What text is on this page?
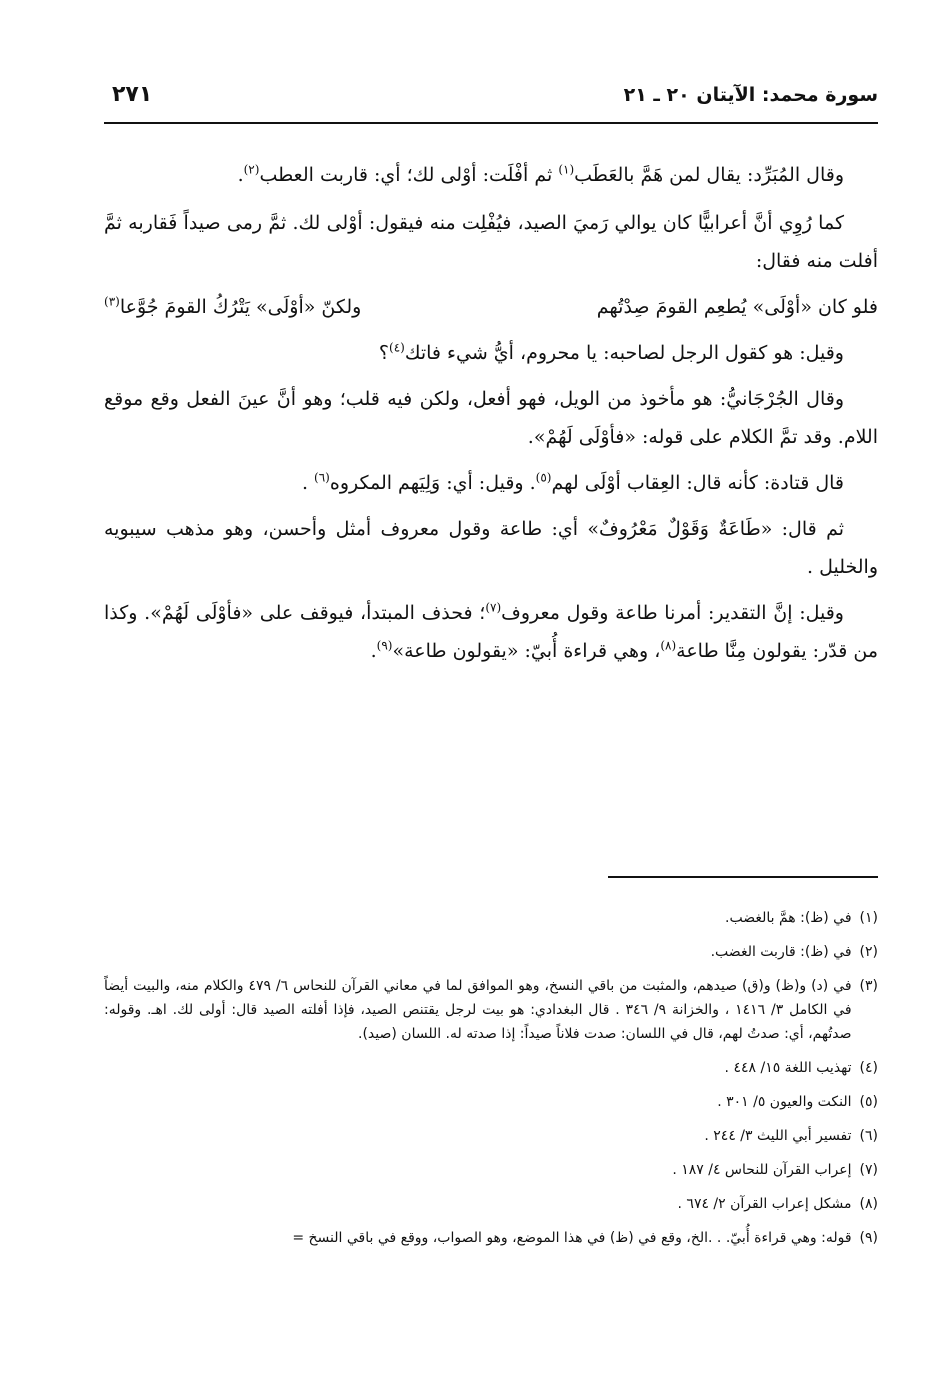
سورة محمد: الآيتان ٢٠ ـ ٢١
٢٧١

وقال المُبَرِّد: يقال لمن هَمَّ بالعَطَب$^{(١)}$ ثم أفْلَت: أوْلى لك؛ أي: قاربت العطب$^{(٢)}$.

كما رُوِي أنَّ أعرابيًّا كان يوالي رَميَ الصيد، فيُفْلِت منه فيقول: أوْلى لك. ثمَّ رمى صيداً فَقاربه ثمَّ أفلت منه فقال:

فلو كان «أوْلَى» يُطعِم القومَ صِدْتُهم
ولكنّ «أوْلَى» يَتْرُكُ القومَ جُوَّعا$^{(٣)}$

وقيل: هو كقول الرجل لصاحبه: يا محروم، أيُّ شيء فاتك$^{(٤)}$؟

وقال الجُرْجَانيُّ: هو مأخوذ من الويل، فهو أفعل، ولكن فيه قلب؛ وهو أنَّ عينَ الفعل وقع موقع اللام. وقد تمَّ الكلام على قوله: «فأوْلَى لَهُمْ».

قال قتادة: كأنه قال: العِقاب أوْلَى لهم$^{(٥)}$. وقيل: أي: وَلِيَهم المكروه$^{(٦)}$ .

ثم قال: «طَاعَةٌ وَقَوْلٌ مَعْرُوفٌ» أي: طاعة وقول معروف أمثل وأحسن، وهو مذهب سيبويه والخليل .

وقيل: إنَّ التقدير: أمرنا طاعة وقول معروف$^{(٧)}$؛ فحذف المبتدأ، فيوقف على «فأوْلَى لَهُمْ». وكذا من قدّر: يقولون مِنَّا طاعة$^{(٨)}$، وهي قراءة أُبيّ: «يقولون طاعة»$^{(٩)}$.

(١)
في (ظ): همَّ بالغضب.
(٢)
في (ظ): قاربت الغضب.
(٣)
في (د) و(ظ) و(ق) صيدهم، والمثبت من باقي النسخ، وهو الموافق لما في معاني القرآن للنحاس ٦/ ٤٧٩ والكلام منه، والبيت أيضاً في الكامل ٣/ ١٤١٦ ، والخزانة ٩/ ٣٤٦ . قال البغدادي: هو بيت لرجل يقتنص الصيد، فإذا أفلته الصيد قال: أولى لك. اهـ. وقوله: صدتُهم، أي: صدتُ لهم، قال في اللسان: صدت فلاناً صيداً: إذا صدته له. اللسان (صيد).
(٤)
تهذيب اللغة ١٥/ ٤٤٨ .
(٥)
النكت والعيون ٥/ ٣٠١ .
(٦)
تفسير أبي الليث ٣/ ٢٤٤ .
(٧)
إعراب القرآن للنحاس ٤/ ١٨٧ .
(٨)
مشكل إعراب القرآن ٢/ ٦٧٤ .
(٩)
قوله: وهي قراءة أُبيّ. . .الخ، وقع في (ظ) في هذا الموضع، وهو الصواب، ووقع في باقي النسخ =
